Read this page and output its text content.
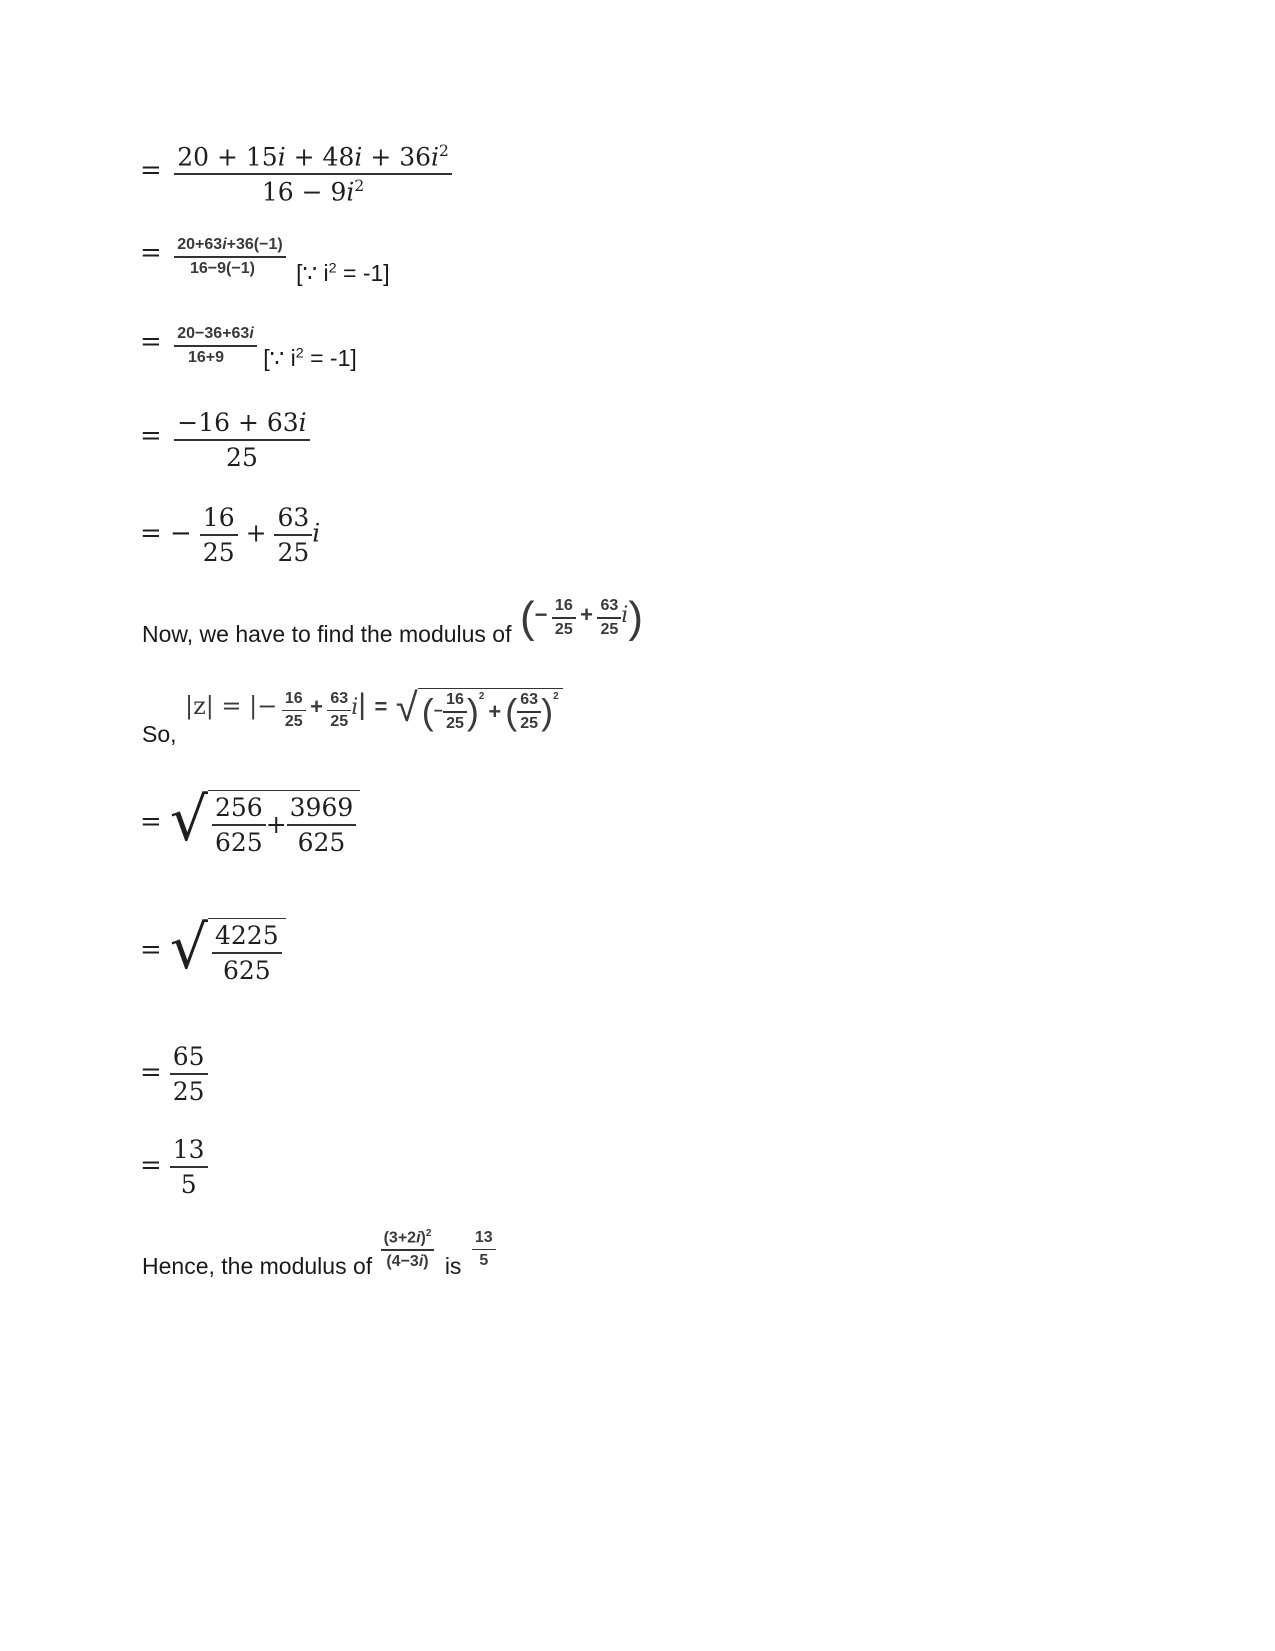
= $\frac{20 + 15i + 48i + 36i^2}{16 - 9i^2}$
= $\frac{20+63i+36(-1)}{16-9(-1)}$ [∵ $i^2 = -1$]
= $\frac{20-36+63i}{16+9}$ [∵ $i^2 = -1$]
= $\frac{-16 + 63i}{25}$
= − $\frac{16}{25} + \frac{63}{25}$ i
Now, we have to find the modulus of (− $\frac{16}{25} + \frac{63}{25} i$)
So, |z| = |− $\frac{16}{25} + \frac{63}{25} i|$ = √ ( − $\frac{16}{25} )^2$
+ ( $\frac{63}{25} )^2$
= √ $\frac{256}{625} + \frac{3969}{625}$
= √ $\frac{4225}{625}$
= $\frac{65}{25}$
= $\frac{13}{5}$
Hence, the modulus of $\frac{(3+2i)^2}{(4-3i)}$ is $\frac{13}{5}$
